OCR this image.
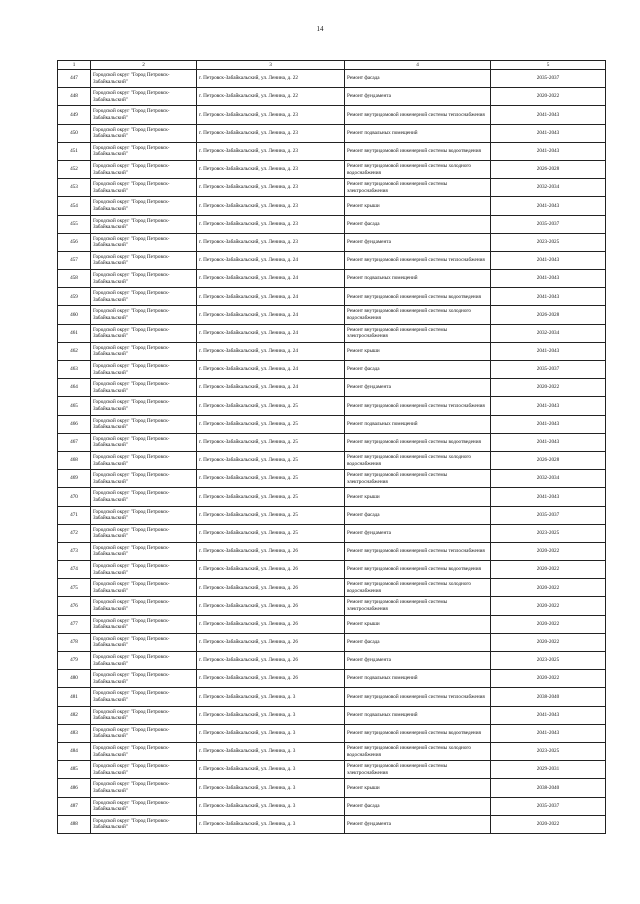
14
1	2	3	4	5
447	Городской округ "Город Петровск-Забайкальский"	г. Петровск-Забайкальский, ул. Ленина, д. 22	Ремонт фасада	2035-2037
448	Городской округ "Город Петровск-Забайкальский"	г. Петровск-Забайкальский, ул. Ленина, д. 22	Ремонт фундамента	2020-2022
449	Городской округ "Город Петровск-Забайкальский"	г. Петровск-Забайкальский, ул. Ленина, д. 23	Ремонт внутридомовой инженерной системы теплоснабжения	2041-2043
450	Городской округ "Город Петровск-Забайкальский"	г. Петровск-Забайкальский, ул. Ленина, д. 23	Ремонт подвальных помещений	2041-2043
451	Городской округ "Город Петровск-Забайкальский"	г. Петровск-Забайкальский, ул. Ленина, д. 23	Ремонт внутридомовой инженерной системы водоотведения	2041-2043
452	Городской округ "Город Петровск-Забайкальский"	г. Петровск-Забайкальский, ул. Ленина, д. 23	Ремонт внутридомовой инженерной системы холодного водоснабжения	2026-2028
453	Городской округ "Город Петровск-Забайкальский"	г. Петровск-Забайкальский, ул. Ленина, д. 23	Ремонт внутридомовой инженерной системы электроснабжения	2032-2034
454	Городской округ "Город Петровск-Забайкальский"	г. Петровск-Забайкальский, ул. Ленина, д. 23	Ремонт крыши	2041-2043
455	Городской округ "Город Петровск-Забайкальский"	г. Петровск-Забайкальский, ул. Ленина, д. 23	Ремонт фасада	2035-2037
456	Городской округ "Город Петровск-Забайкальский"	г. Петровск-Забайкальский, ул. Ленина, д. 23	Ремонт фундамента	2023-2025
457	Городской округ "Город Петровск-Забайкальский"	г. Петровск-Забайкальский, ул. Ленина, д. 24	Ремонт внутридомовой инженерной системы теплоснабжения	2041-2043
458	Городской округ "Город Петровск-Забайкальский"	г. Петровск-Забайкальский, ул. Ленина, д. 24	Ремонт подвальных помещений	2041-2043
459	Городской округ "Город Петровск-Забайкальский"	г. Петровск-Забайкальский, ул. Ленина, д. 24	Ремонт внутридомовой инженерной системы водоотведения	2041-2043
460	Городской округ "Город Петровск-Забайкальский"	г. Петровск-Забайкальский, ул. Ленина, д. 24	Ремонт внутридомовой инженерной системы холодного водоснабжения	2026-2028
461	Городской округ "Город Петровск-Забайкальский"	г. Петровск-Забайкальский, ул. Ленина, д. 24	Ремонт внутридомовой инженерной системы электроснабжения	2032-2034
462	Городской округ "Город Петровск-Забайкальский"	г. Петровск-Забайкальский, ул. Ленина, д. 24	Ремонт крыши	2041-2043
463	Городской округ "Город Петровск-Забайкальский"	г. Петровск-Забайкальский, ул. Ленина, д. 24	Ремонт фасада	2035-2037
464	Городской округ "Город Петровск-Забайкальский"	г. Петровск-Забайкальский, ул. Ленина, д. 24	Ремонт фундамента	2020-2022
465	Городской округ "Город Петровск-Забайкальский"	г. Петровск-Забайкальский, ул. Ленина, д. 25	Ремонт внутридомовой инженерной системы теплоснабжения	2041-2043
466	Городской округ "Город Петровск-Забайкальский"	г. Петровск-Забайкальский, ул. Ленина, д. 25	Ремонт подвальных помещений	2041-2043
467	Городской округ "Город Петровск-Забайкальский"	г. Петровск-Забайкальский, ул. Ленина, д. 25	Ремонт внутридомовой инженерной системы водоотведения	2041-2043
468	Городской округ "Город Петровск-Забайкальский"	г. Петровск-Забайкальский, ул. Ленина, д. 25	Ремонт внутридомовой инженерной системы холодного водоснабжения	2026-2028
469	Городской округ "Город Петровск-Забайкальский"	г. Петровск-Забайкальский, ул. Ленина, д. 25	Ремонт внутридомовой инженерной системы электроснабжения	2032-2034
470	Городской округ "Город Петровск-Забайкальский"	г. Петровск-Забайкальский, ул. Ленина, д. 25	Ремонт крыши	2041-2043
471	Городской округ "Город Петровск-Забайкальский"	г. Петровск-Забайкальский, ул. Ленина, д. 25	Ремонт фасада	2035-2037
472	Городской округ "Город Петровск-Забайкальский"	г. Петровск-Забайкальский, ул. Ленина, д. 25	Ремонт фундамента	2023-2025
473	Городской округ "Город Петровск-Забайкальский"	г. Петровск-Забайкальский, ул. Ленина, д. 26	Ремонт внутридомовой инженерной системы теплоснабжения	2020-2022
474	Городской округ "Город Петровск-Забайкальский"	г. Петровск-Забайкальский, ул. Ленина, д. 26	Ремонт внутридомовой инженерной системы водоотведения	2020-2022
475	Городской округ "Город Петровск-Забайкальский"	г. Петровск-Забайкальский, ул. Ленина, д. 26	Ремонт внутридомовой инженерной системы холодного водоснабжения	2020-2022
476	Городской округ "Город Петровск-Забайкальский"	г. Петровск-Забайкальский, ул. Ленина, д. 26	Ремонт внутридомовой инженерной системы электроснабжения	2020-2022
477	Городской округ "Город Петровск-Забайкальский"	г. Петровск-Забайкальский, ул. Ленина, д. 26	Ремонт крыши	2020-2022
478	Городской округ "Город Петровск-Забайкальский"	г. Петровск-Забайкальский, ул. Ленина, д. 26	Ремонт фасада	2020-2022
479	Городской округ "Город Петровск-Забайкальский"	г. Петровск-Забайкальский, ул. Ленина, д. 26	Ремонт фундамента	2023-2025
480	Городской округ "Город Петровск-Забайкальский"	г. Петровск-Забайкальский, ул. Ленина, д. 26	Ремонт подвальных помещений	2020-2022
481	Городской округ "Город Петровск-Забайкальский"	г. Петровск-Забайкальский, ул. Ленина, д. 3	Ремонт внутридомовой инженерной системы теплоснабжения	2038-2040
482	Городской округ "Город Петровск-Забайкальский"	г. Петровск-Забайкальский, ул. Ленина, д. 3	Ремонт подвальных помещений	2041-2043
483	Городской округ "Город Петровск-Забайкальский"	г. Петровск-Забайкальский, ул. Ленина, д. 3	Ремонт внутридомовой инженерной системы водоотведения	2041-2043
484	Городской округ "Город Петровск-Забайкальский"	г. Петровск-Забайкальский, ул. Ленина, д. 3	Ремонт внутридомовой инженерной системы холодного водоснабжения	2023-2025
485	Городской округ "Город Петровск-Забайкальский"	г. Петровск-Забайкальский, ул. Ленина, д. 3	Ремонт внутридомовой инженерной системы электроснабжения	2029-2031
486	Городской округ "Город Петровск-Забайкальский"	г. Петровск-Забайкальский, ул. Ленина, д. 3	Ремонт крыши	2038-2040
487	Городской округ "Город Петровск-Забайкальский"	г. Петровск-Забайкальский, ул. Ленина, д. 3	Ремонт фасада	2035-2037
488	Городской округ "Город Петровск-Забайкальский"	г. Петровск-Забайкальский, ул. Ленина, д. 3	Ремонт фундамента	2020-2022
